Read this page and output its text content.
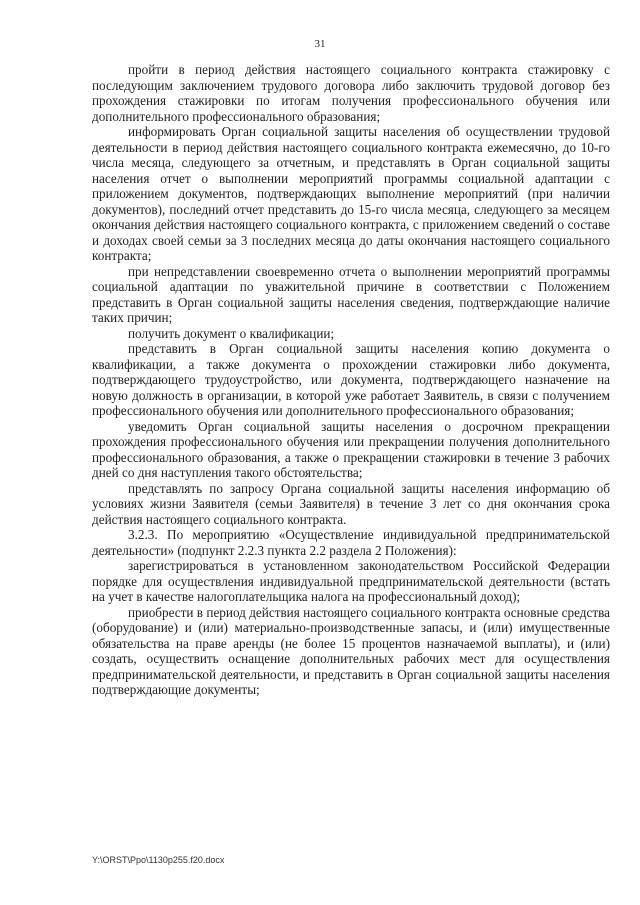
31

пройти в период действия настоящего социального контракта стажировку с последующим заключением трудового договора либо заключить трудовой договор без прохождения стажировки по итогам получения профессионального обучения или дополнительного профессионального образования;

информировать Орган социальной защиты населения об осуществлении трудовой деятельности в период действия настоящего социального контракта ежемесячно, до 10-го числа месяца, следующего за отчетным, и представлять в Орган социальной защиты населения отчет о выполнении мероприятий программы социальной адаптации с приложением документов, подтверждающих выполнение мероприятий (при наличии документов), последний отчет представить до 15-го числа месяца, следующего за месяцем окончания действия настоящего социального контракта, с приложением сведений о составе и доходах своей семьи за 3 последних месяца до даты окончания настоящего социального контракта;

при непредставлении своевременно отчета о выполнении мероприятий программы социальной адаптации по уважительной причине в соответствии с Положением представить в Орган социальной защиты населения сведения, подтверждающие наличие таких причин;

получить документ о квалификации;

представить в Орган социальной защиты населения копию документа о квалификации, а также документа о прохождении стажировки либо документа, подтверждающего трудоустройство, или документа, подтверждающего назначение на новую должность в организации, в которой уже работает Заявитель, в связи с получением профессионального обучения или дополнительного профессионального образования;

уведомить Орган социальной защиты населения о досрочном прекращении прохождения профессионального обучения или прекращении получения дополнительного профессионального образования, а также о прекращении стажировки в течение 3 рабочих дней со дня наступления такого обстоятельства;

представлять по запросу Органа социальной защиты населения информацию об условиях жизни Заявителя (семьи Заявителя) в течение 3 лет со дня окончания срока действия настоящего социального контракта.

3.2.3. По мероприятию «Осуществление индивидуальной предпринимательской деятельности» (подпункт 2.2.3 пункта 2.2 раздела 2 Положения):

зарегистрироваться в установленном законодательством Российской Федерации порядке для осуществления индивидуальной предпринимательской деятельности (встать на учет в качестве налогоплательщика налога на профессиональный доход);

приобрести в период действия настоящего социального контракта основные средства (оборудование) и (или) материально-производственные запасы, и (или) имущественные обязательства на праве аренды (не более 15 процентов назначаемой выплаты), и (или) создать, осуществить оснащение дополнительных рабочих мест для осуществления предпринимательской деятельности, и представить в Орган социальной защиты населения подтверждающие документы;

Y:\ORST\Ppo\1130p255.f20.docx
